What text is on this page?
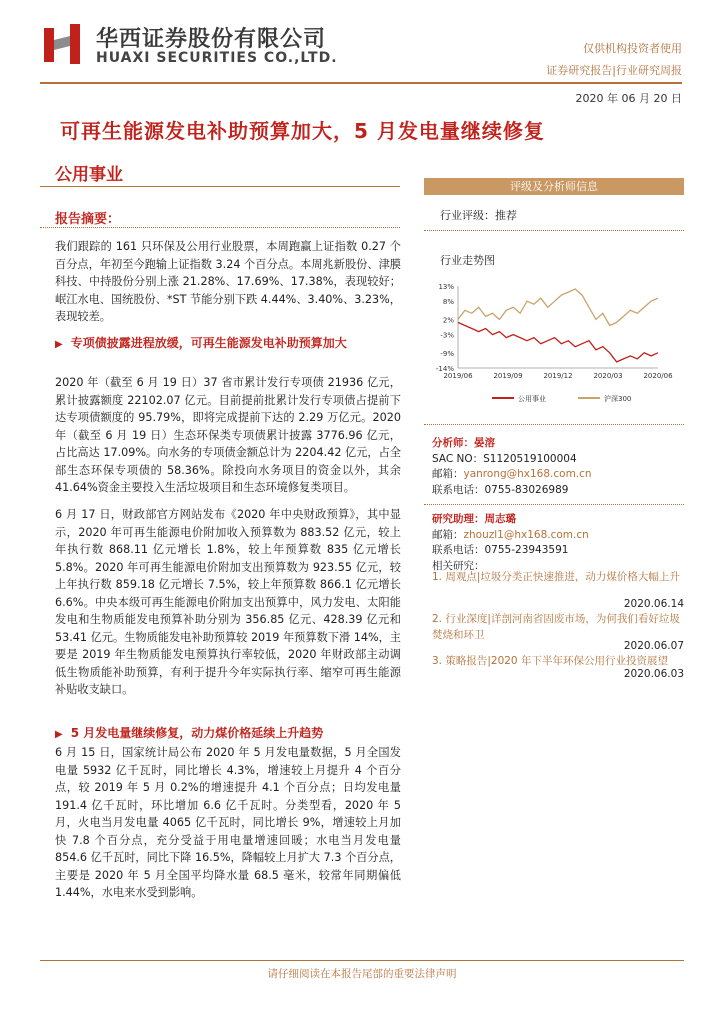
华西证券股份有限公司
HUAXI SECURITIES CO.,LTD.
仅供机构投资者使用
证券研究报告|行业研究周报
2020 年 06 月 20 日
可再生能源发电补助预算加大，5 月发电量继续修复
公用事业
报告摘要：
我们跟踪的 161 只环保及公用行业股票，本周跑赢上证指数 0.27 个百分点，年初至今跑输上证指数 3.24 个百分点。本周兆新股份、津膜科技、中持股份分别上涨 21.28%、17.69%、17.38%，表现较好；岷江水电、国统股份、*ST 节能分别下跌 4.44%、3.40%、3.23%，表现较差。
▶ 专项债披露进程放缓，可再生能源发电补助预算加大
2020 年（截至 6 月 19 日）37 省市累计发行专项债 21936 亿元，累计披露额度 22102.07 亿元。目前提前批累计发行专项债占提前下达专项债额度的 95.79%，即将完成提前下达的 2.29 万亿元。2020 年（截至 6 月 19 日）生态环保类专项债累计披露 3776.96 亿元，占比高达 17.09%。向水务的专项债金额总计为 2204.42 亿元，占全部生态环保专项债的 58.36%。除投向水务项目的资金以外，其余 41.64%资金主要投入生活垃圾项目和生态环境修复类项目。
6 月 17 日，财政部官方网站发布《2020 年中央财政预算》，其中显示，2020 年可再生能源电价附加收入预算数为 883.52 亿元，较上年执行数 868.11 亿元增长 1.8%，较上年预算数 835 亿元增长 5.8%。2020 年可再生能源电价附加支出预算数为 923.55 亿元，较上年执行数 859.18 亿元增长 7.5%，较上年预算数 866.1 亿元增长 6.6%。中央本级可再生能源电价附加支出预算中，风力发电、太阳能发电和生物质能发电预算补助分别为 356.85 亿元、428.39 亿元和 53.41 亿元。生物质能发电补助预算较 2019 年预算数下滑 14%，主要是 2019 年生物质能发电预算执行率较低，2020 年财政部主动调低生物质能补助预算，有利于提升今年实际执行率、缩窄可再生能源补贴收支缺口。
▶ 5 月发电量继续修复，动力煤价格延续上升趋势
6 月 15 日，国家统计局公布 2020 年 5 月发电量数据，5 月全国发电量 5932 亿千瓦时，同比增长 4.3%，增速较上月提升 4 个百分点，较 2019 年 5 月 0.2%的增速提升 4.1 个百分点；日均发电量 191.4 亿千瓦时，环比增加 6.6 亿千瓦时。分类型看，2020 年 5 月，火电当月发电量 4065 亿千瓦时，同比增长 9%，增速较上月加快 7.8 个百分点，充分受益于用电量增速回暖；水电当月发电量 854.6 亿千瓦时，同比下降 16.5%，降幅较上月扩大 7.3 个百分点，主要是 2020 年 5 月全国平均降水量 68.5 毫米，较常年同期偏低 1.44%，水电来水受到影响。
评级及分析师信息
行业评级：推荐
行业走势图
13%
8%
2%
-3%
-9%
-14%
2019/06	2019/09	2019/12	2020/03	2020/06
公用事业	沪深300
分析师：晏溶
SAC NO：S1120519100004
邮箱：yanrong@hx168.com.cn
联系电话：0755-83026989
研究助理：周志璐
邮箱：zhouzl1@hx168.com.cn
联系电话：0755-23943591
相关研究：
1. 周观点|垃圾分类正快速推进，动力煤价格大幅上升
2020.06.14
2. 行业深度|详剖河南省固废市场，为何我们看好垃圾焚烧和环卫
2020.06.07
3. 策略报告|2020 年下半年环保公用行业投资展望
2020.06.03
请仔细阅读在本报告尾部的重要法律声明
